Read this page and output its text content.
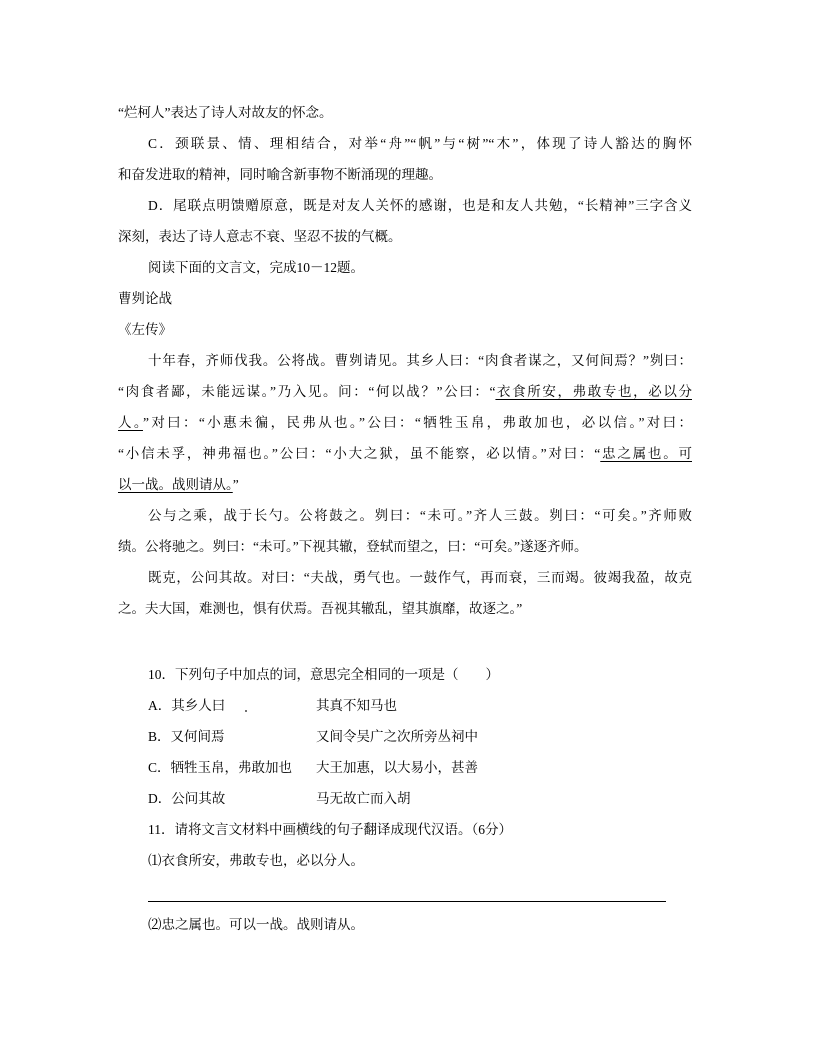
“烂柯人”表达了诗人对故友的怀念。
C．颈联景、情、理相结合，对举“舟”“帆”与“树”“木”，体现了诗人豁达的胸怀
和奋发进取的精神，同时喻含新事物不断涌现的理趣。
D．尾联点明馈赠原意，既是对友人关怀的感谢，也是和友人共勉，“长精神”三字含义
深刻，表达了诗人意志不衰、坚忍不拔的气概。
阅读下面的文言文，完成10－12题。
曹刿论战
《左传》
十年春，齐师伐我。公将战。曹刿请见。其乡人曰：“肉食者谋之，又何间焉？”刿曰：
“肉食者鄙，未能远谋。”乃入见。问：“何以战？”公曰：“衣食所安，弗敢专也，必以分
人。”对曰：“小惠未徧，民弗从也。”公曰：“牺牲玉帛，弗敢加也，必以信。”对曰：
“小信未孚，神弗福也。”公曰：“小大之狱，虽不能察，必以情。”对曰：“忠之属也。可
以一战。战则请从。”
公与之乘，战于长勺。公将鼓之。刿曰：“未可。”齐人三鼓。刿曰：“可矣。”齐师败
绩。公将驰之。刿曰：“未可。”下视其辙，登轼而望之，曰：“可矣。”遂逐齐师。
既克，公问其故。对曰：“夫战，勇气也。一鼓作气，再而衰，三而竭。彼竭我盈，故克
之。夫大国，难测也，惧有伏焉。吾视其辙乱，望其旗靡，故逐之。”
10．下列句子中加点的词，意思完全相同的一项是（　　）
A．其乡人曰	其真不知马也
B．又何间焉	又间令吴广之次所旁丛祠中
C．牺牲玉帛，弗敢加也 大王加惠，以大易小，甚善
D．公问其故	马无故亡而入胡
11．请将文言文材料中画横线的句子翻译成现代汉语。（6分）
⑴衣食所安，弗敢专也，必以分人。
⑵忠之属也。可以一战。战则请从。
